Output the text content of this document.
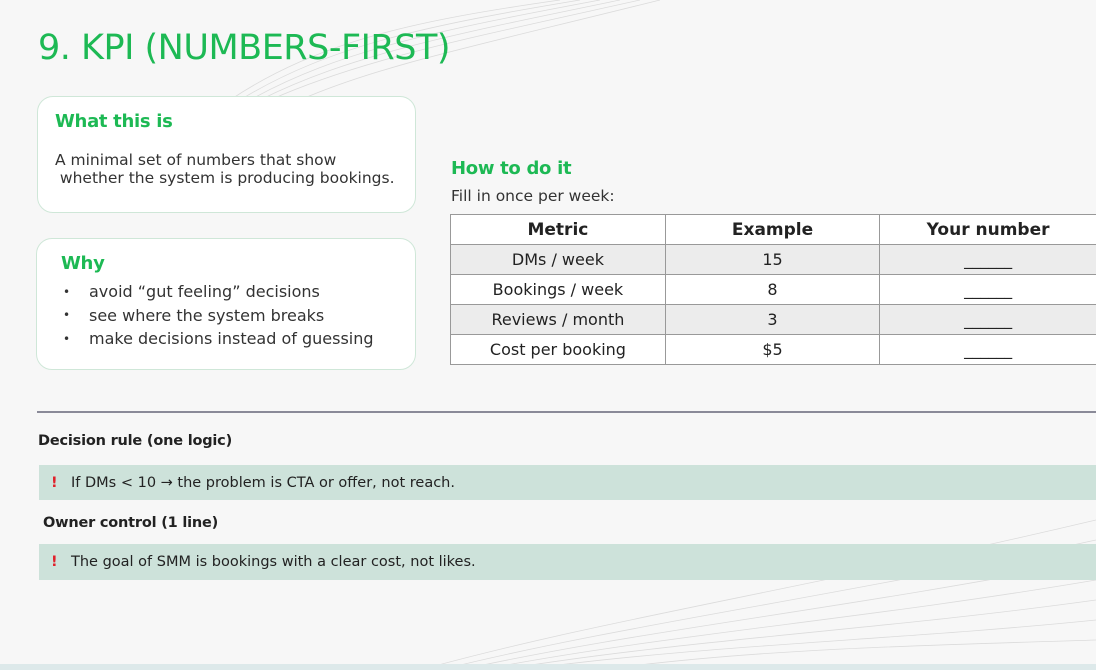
9. KPI (NUMBERS-FIRST)
What this is
A minimal set of numbers that show
whether the system is producing bookings.
Why
•	avoid “gut feeling” decisions
•	see where the system breaks
•	make decisions instead of guessing
How to do it
Fill in once per week:
Metric	Example	Your number
DMs / week	15	______
Bookings / week	8	______
Reviews / month	3	______
Cost per booking	$5	______
Decision rule (one logic)
! If DMs < 10 → the problem is CTA or offer, not reach.
Owner control (1 line)
! The goal of SMM is bookings with a clear cost, not likes.
